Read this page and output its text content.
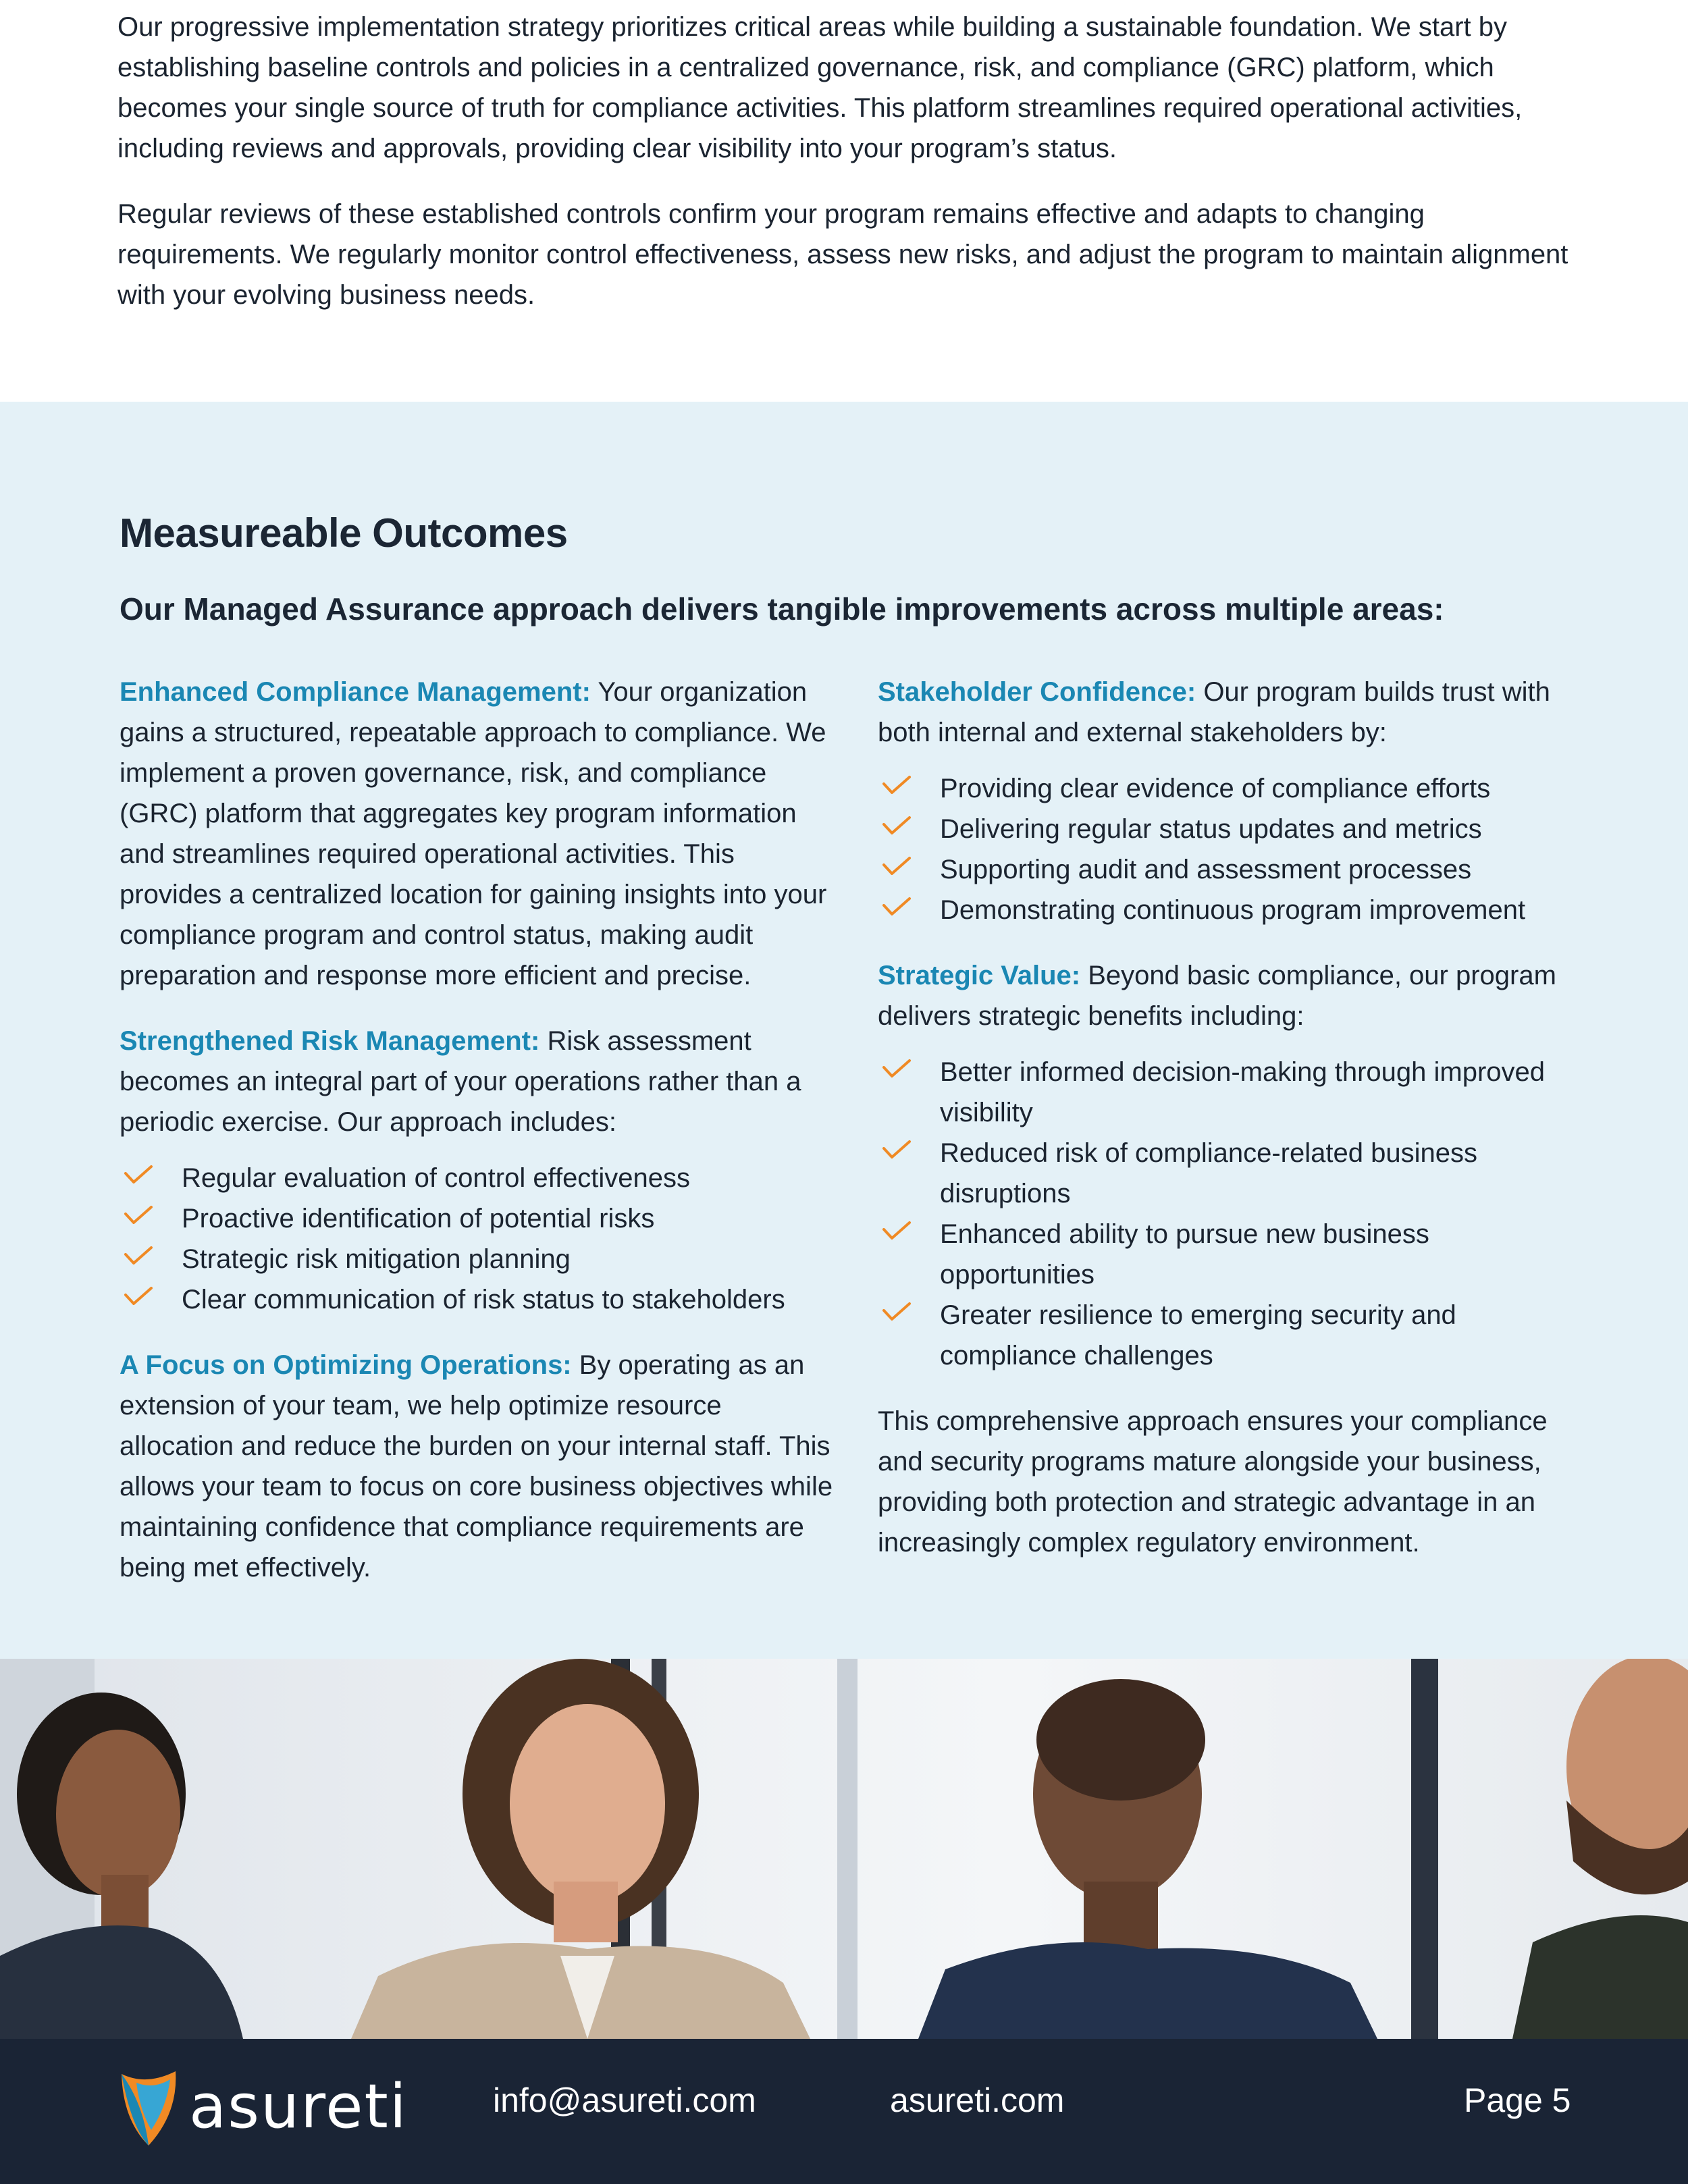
Our progressive implementation strategy prioritizes critical areas while building a sustainable foundation. We start by establishing baseline controls and policies in a centralized governance, risk, and compliance (GRC) platform, which becomes your single source of truth for compliance activities. This platform streamlines required operational activities, including reviews and approvals, providing clear visibility into your program’s status.

Regular reviews of these established controls confirm your program remains effective and adapts to changing requirements. We regularly monitor control effectiveness, assess new risks, and adjust the program to maintain alignment with your evolving business needs.

Measureable Outcomes
Our Managed Assurance approach delivers tangible improvements across multiple areas:

Enhanced Compliance Management: Your organization gains a structured, repeatable approach to compliance. We implement a proven governance, risk, and compliance (GRC) platform that aggregates key program information and streamlines required operational activities. This provides a centralized location for gaining insights into your compliance program and control status, making audit preparation and response more efficient and precise.

Strengthened Risk Management: Risk assessment becomes an integral part of your operations rather than a periodic exercise. Our approach includes:

Regular evaluation of control effectiveness
Proactive identification of potential risks
Strategic risk mitigation planning
Clear communication of risk status to stakeholders

A Focus on Optimizing Operations: By operating as an extension of your team, we help optimize resource allocation and reduce the burden on your internal staff. This allows your team to focus on core business objectives while maintaining confidence that compliance requirements are being met effectively.

Stakeholder Confidence: Our program builds trust with both internal and external stakeholders by:

Providing clear evidence of compliance efforts
Delivering regular status updates and metrics
Supporting audit and assessment processes
Demonstrating continuous program improvement

Strategic Value: Beyond basic compliance, our program delivers strategic benefits including:

Better informed decision-making through improved visibility
Reduced risk of compliance-related business disruptions
Enhanced ability to pursue new business opportunities
Greater resilience to emerging security and compliance challenges

This comprehensive approach ensures your compliance and security programs mature alongside your business, providing both protection and strategic advantage in an increasingly complex regulatory environment.

asureti	info@asureti.com	asureti.com	Page 5
